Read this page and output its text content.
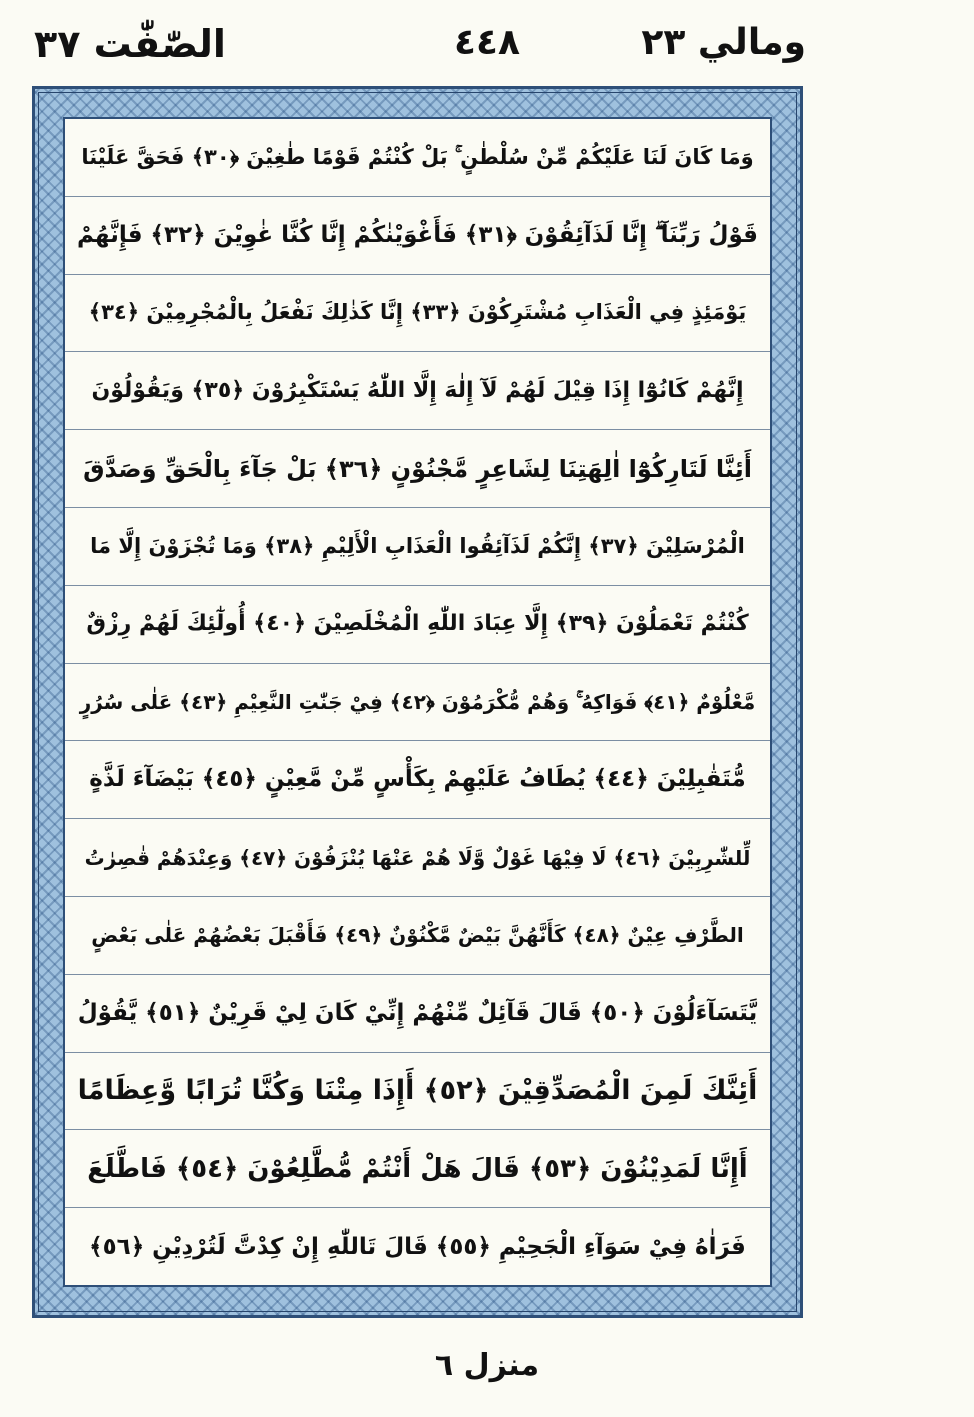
الصّٰفّٰت ٣٧	٤٤٨	ومالي ٢٣
وَمَا كَانَ لَنَا عَلَيْكُمْ مِّنْ سُلْطٰنٍ ۚ بَلْ كُنْتُمْ قَوْمًا طٰغِيْنَ ﴿٣٠﴾ فَحَقَّ عَلَيْنَا
قَوْلُ رَبِّنَآ ۖ إِنَّا لَذَآئِقُوْنَ ﴿٣١﴾ فَأَغْوَيْنٰكُمْ إِنَّا كُنَّا غٰوِيْنَ ﴿٣٢﴾ فَإِنَّهُمْ
يَوْمَئِذٍ فِي الْعَذَابِ مُشْتَرِكُوْنَ ﴿٣٣﴾ إِنَّا كَذٰلِكَ نَفْعَلُ بِالْمُجْرِمِيْنَ ﴿٣٤﴾
إِنَّهُمْ كَانُوْٓا إِذَا قِيْلَ لَهُمْ لَآ إِلٰهَ إِلَّا اللّٰهُ يَسْتَكْبِرُوْنَ ﴿٣٥﴾ وَيَقُوْلُوْنَ
أَئِنَّا لَتَارِكُوْٓا اٰلِهَتِنَا لِشَاعِرٍ مَّجْنُوْنٍ ﴿٣٦﴾ بَلْ جَآءَ بِالْحَقِّ وَصَدَّقَ
الْمُرْسَلِيْنَ ﴿٣٧﴾ إِنَّكُمْ لَذَآئِقُوا الْعَذَابِ الْأَلِيْمِ ﴿٣٨﴾ وَمَا تُجْزَوْنَ إِلَّا مَا
كُنْتُمْ تَعْمَلُوْنَ ﴿٣٩﴾ إِلَّا عِبَادَ اللّٰهِ الْمُخْلَصِيْنَ ﴿٤٠﴾ أُولٰٓئِكَ لَهُمْ رِزْقٌ
مَّعْلُوْمٌ ﴿٤١﴾ فَوَاكِهُ ۚ وَهُمْ مُّكْرَمُوْنَ ﴿٤٢﴾ فِيْ جَنّٰتِ النَّعِيْمِ ﴿٤٣﴾ عَلٰى سُرُرٍ
مُّتَقٰبِلِيْنَ ﴿٤٤﴾ يُطَافُ عَلَيْهِمْ بِكَأْسٍ مِّنْ مَّعِيْنٍ ﴿٤٥﴾ بَيْضَآءَ لَذَّةٍ
لِّلشّٰرِبِيْنَ ﴿٤٦﴾ لَا فِيْهَا غَوْلٌ وَّلَا هُمْ عَنْهَا يُنْزَفُوْنَ ﴿٤٧﴾ وَعِنْدَهُمْ قٰصِرٰتُ
الطَّرْفِ عِيْنٌ ﴿٤٨﴾ كَأَنَّهُنَّ بَيْضٌ مَّكْنُوْنٌ ﴿٤٩﴾ فَأَقْبَلَ بَعْضُهُمْ عَلٰى بَعْضٍ
يَّتَسَآءَلُوْنَ ﴿٥٠﴾ قَالَ قَآئِلٌ مِّنْهُمْ إِنِّيْ كَانَ لِيْ قَرِيْنٌ ﴿٥١﴾ يَّقُوْلُ
أَئِنَّكَ لَمِنَ الْمُصَدِّقِيْنَ ﴿٥٢﴾ أَإِذَا مِتْنَا وَكُنَّا تُرَابًا وَّعِظَامًا
أَإِنَّا لَمَدِيْنُوْنَ ﴿٥٣﴾ قَالَ هَلْ أَنْتُمْ مُّطَّلِعُوْنَ ﴿٥٤﴾ فَاطَّلَعَ
فَرَاٰهُ فِيْ سَوَآءِ الْجَحِيْمِ ﴿٥٥﴾ قَالَ تَاللّٰهِ إِنْ كِدْتَّ لَتُرْدِيْنِ ﴿٥٦﴾
منزل ٦
